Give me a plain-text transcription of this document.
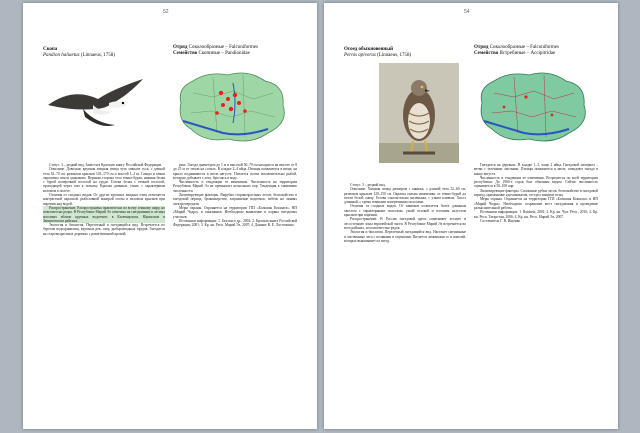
52
Скопа
Pandion haliaetus (Linnaeus, 1758)
Отряд Соколообразные – Falconiformes
Семейство Скопиные – Pandionidae

Статус. 3 – редкий вид. Занесен в Красную книгу Российской Федерации.

Описание. Довольно крупная хищная птица чуть меньше гуся, с длиной тела 52–70 см, размахом крыльев 145–170 см и массой 1–2 кг. Самцы и самки окрашены почти одинаково. Верхняя сторона тела темно-бурая, нижняя белая с бурой поперечной полосой на груди. Голова белая с темной полосой, проходящей через глаз к затылку. Крылья длинные, узкие, с характерным изломом в полете.

Отличия от сходных видов. От других крупных хищных птиц отличается контрастной окраской, рыболовной манерой охоты и изломом крыльев при парении над водой.

Распространение. Распространена практически по всему земному шару, но повсеместно редка. В Республике Марий Эл отмечена на гнездовании в лесных массивах вблизи крупных водоемов: в Килемарском, Юринском и Звениговском районах.

Экология и биология. Перелетный и гнездящийся вид. Встречается по берегам водохранилищ, крупных рек, озер, рыборазводных прудов. Гнездится на старовозрастных деревьях с разветвленной кроной.

реке. Гнезда диаметром до 1 м и высотой 50–70 см находятся на высоте от 8 до 25 м от земли на соснах. В кладке 2–4 яйца. Птенцы появляются в июне, на крыло поднимаются в июле–августе. Питается почти исключительно рыбой, которую добывает с лета, бросаясь в воду.

Численность и тенденции ее изменения. Численность на территории Республики Марий Эл не превышает нескольких пар. Тенденция к снижению численности.

Лимитирующие факторы. Вырубка старовозрастных лесов, беспокойство в гнездовой период, браконьерство, загрязнение водоемов, гибель на линиях электропередачи.

Меры охраны. Охраняется на территории ГПЗ «Большая Кокшага», НП «Марий Чодра» и заказников. Необходимо выявление и охрана гнездовых участков.

Источники информации: 1. Бахтин и др., 2002; 2. Красная книга Российской Федерации, 2001; 3. Кр. кн. Респ. Марий Эл, 2007; 4. Данные В. Е. Ласточкина.

54
Осоед обыкновенный
Pernis apivorus (Linnaeus, 1758)
Отряд Соколообразные – Falconiformes
Семейство Ястребиные – Accipitridae

Статус. 3 – редкий вид.

Описание. Хищная птица размером с канюка, с длиной тела 52–60 см, размахом крыльев 120–150 см. Окраска сильно изменчива: от темно-бурой до почти белой снизу. Голова относительно маленькая, с узким клювом. Хвост длинный, с тремя темными поперечными полосами.

Отличия от сходных видов. От канюков отличается более длинным хвостом с характерными полосами, узкой головой и плоским силуэтом крыльев при парении.

Распространение. В России гнездовой ареал охватывает лесную и лесостепную зоны европейской части. В Республике Марий Эл встречается во всех районах, но повсеместно редок.

Экология и биология. Перелетный гнездящийся вид. Населяет смешанные и лиственные леса с полянами и опушками. Питается личинками ос и шмелей, которых выкапывает из гнезд.

Гнездится на деревьях. В кладке 1–3, чаще 2 яйца. Гнездовой материал – ветви с зелеными листьями. Птенцы появляются в июле, покидают гнездо в конце августа.

Численность и тенденции ее изменения. Встречается по всей территории республики. До 1960-х годов был обычным видом. Сейчас численность оценивается в 50–100 пар.

Лимитирующие факторы. Сплошные рубки лесов, беспокойство в гнездовой период, применение ядохимикатов, отстрел хищных птиц.

Меры охраны. Охраняется на территории ГПЗ «Большая Кокшага» и НП «Марий Чодра». Необходимо сохранение мест гнездования и проведение разъяснительной работы.

Источники информации: 1. Ratsinsh, 2001; 2. Кр. кн. Чув. Респ., 2010; 3. Кр. кн. Респ. Татарстан, 2006; 4. Кр. кн. Респ. Марий Эл, 2007.

Составитель Г. В. Ищенко
